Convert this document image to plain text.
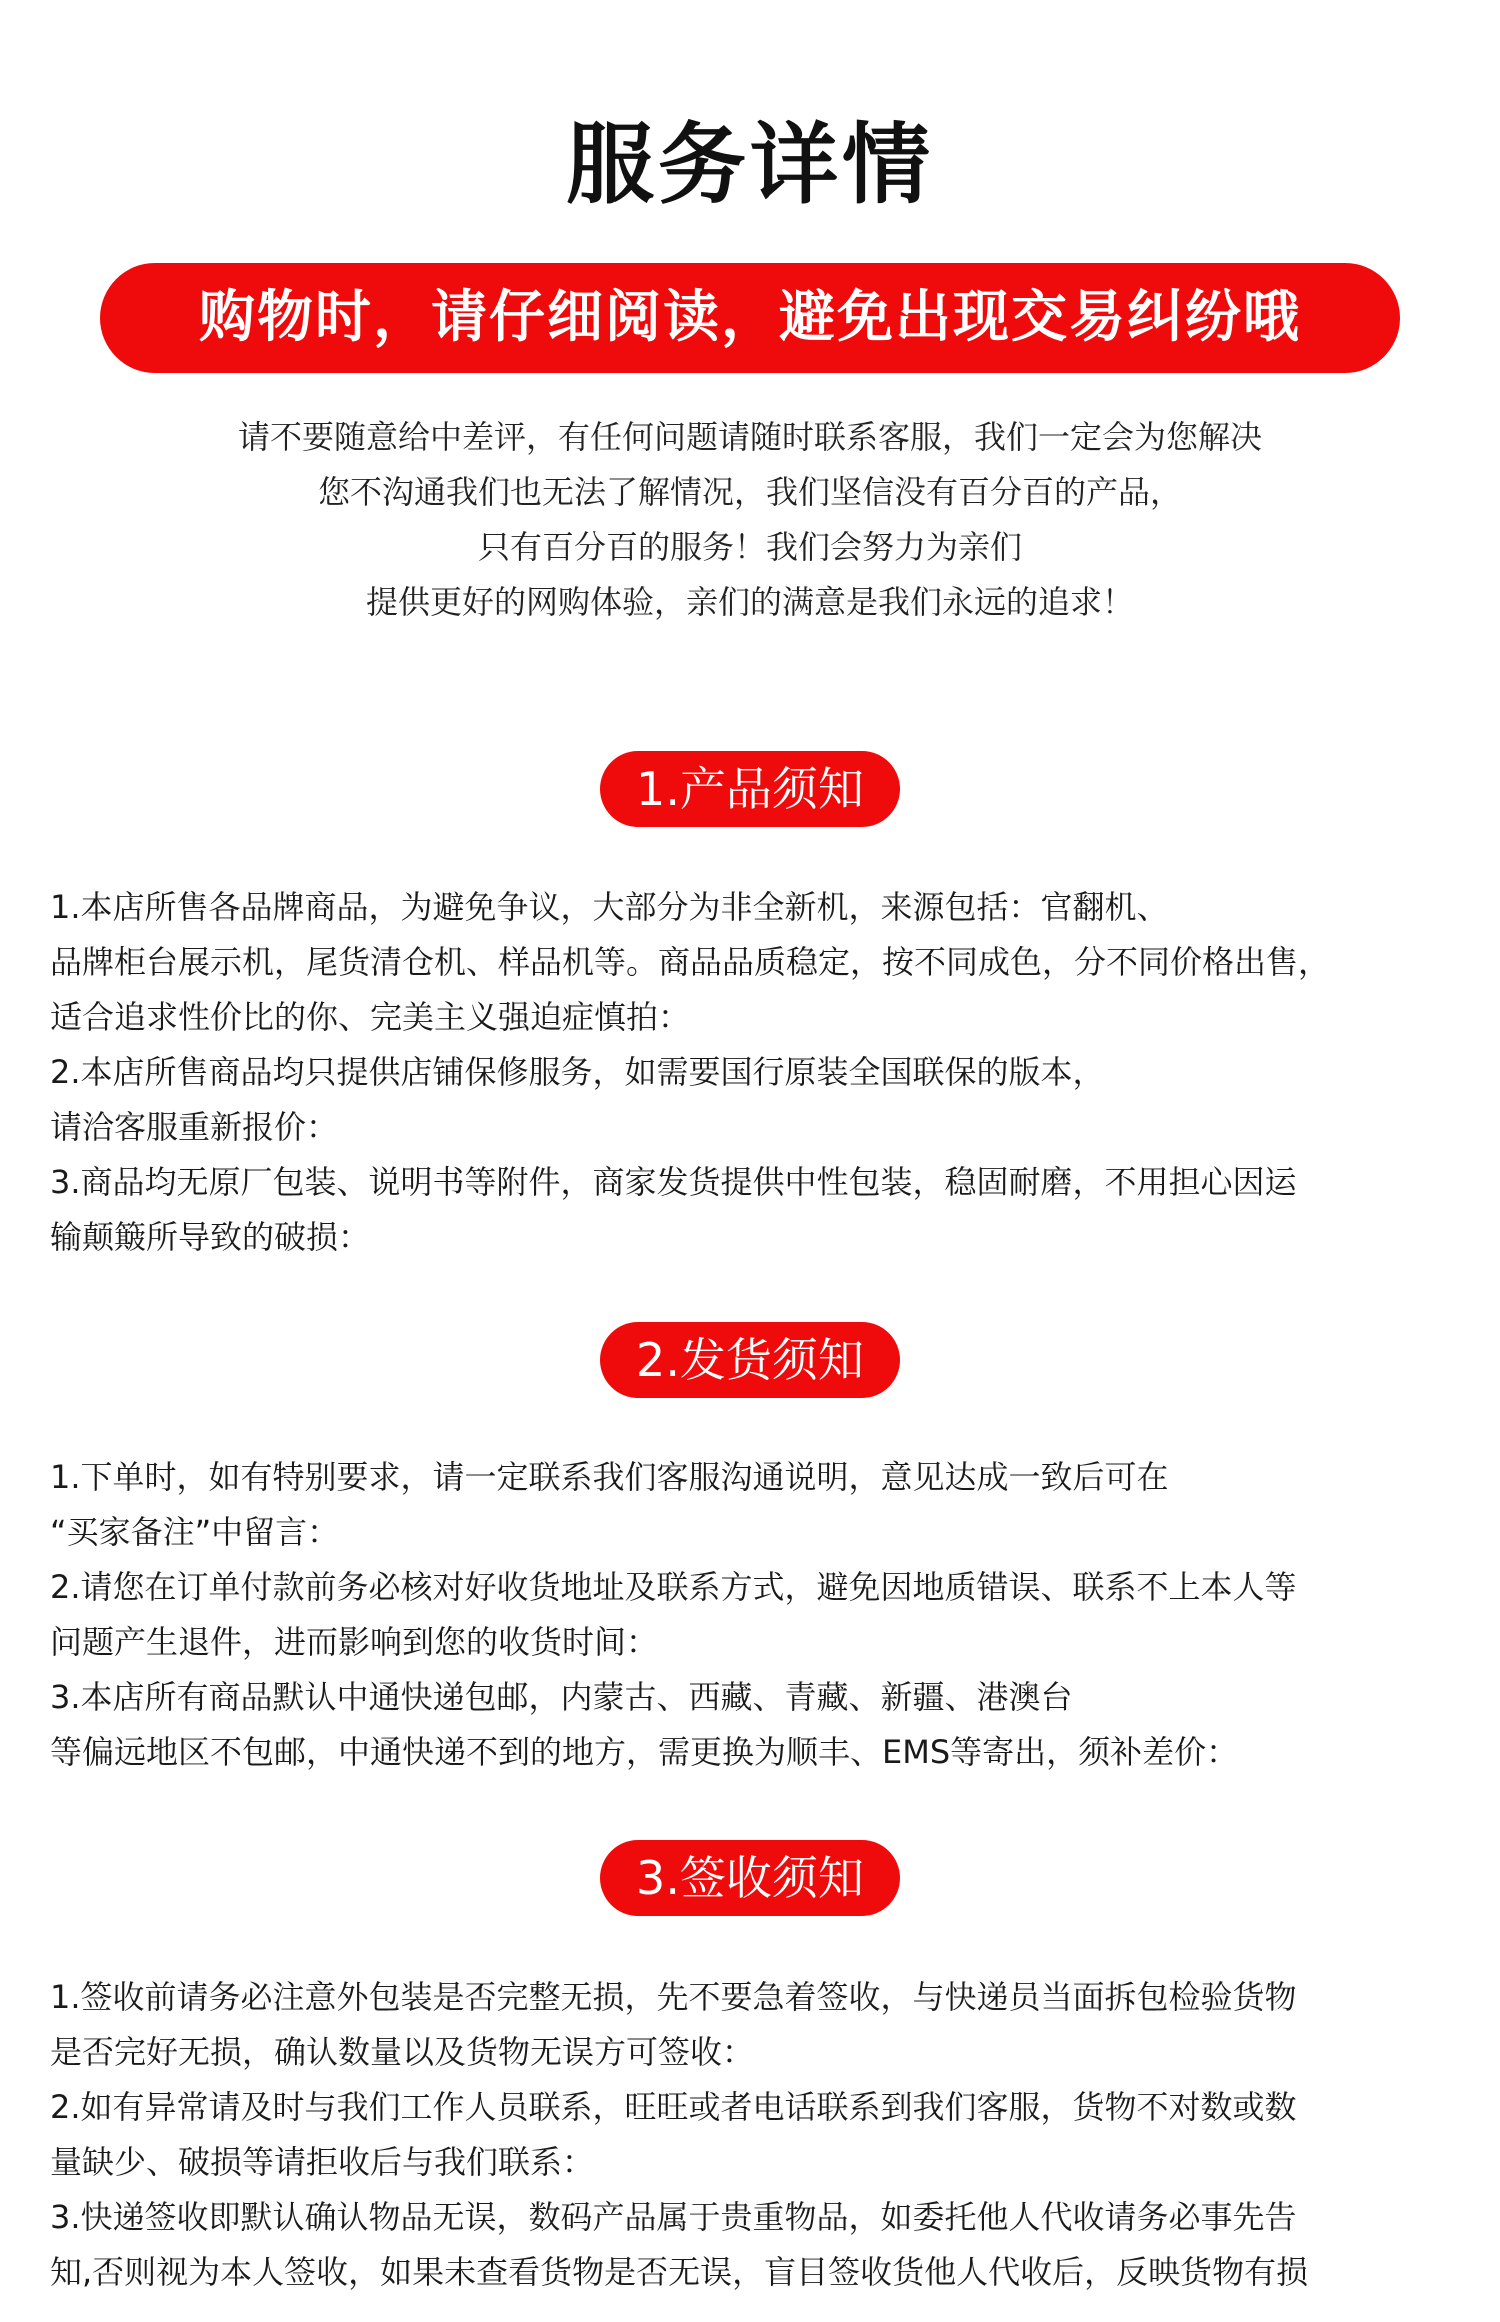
服务详情
购物时，请仔细阅读，避免出现交易纠纷哦
请不要随意给中差评，有任何问题请随时联系客服，我们一定会为您解决
您不沟通我们也无法了解情况，我们坚信没有百分百的产品，
只有百分百的服务！我们会努力为亲们
提供更好的网购体验，亲们的满意是我们永远的追求！
1.产品须知
1.本店所售各品牌商品，为避免争议，大部分为非全新机，来源包括：官翻机、
品牌柜台展示机，尾货清仓机、样品机等。商品品质稳定，按不同成色，分不同价格出售，
适合追求性价比的你、完美主义强迫症慎拍：
2.本店所售商品均只提供店铺保修服务，如需要国行原装全国联保的版本，
请洽客服重新报价：
3.商品均无原厂包装、说明书等附件，商家发货提供中性包装，稳固耐磨，不用担心因运
输颠簸所导致的破损：
2.发货须知
1.下单时，如有特别要求，请一定联系我们客服沟通说明，意见达成一致后可在
“买家备注”中留言：
2.请您在订单付款前务必核对好收货地址及联系方式，避免因地质错误、联系不上本人等
问题产生退件，进而影响到您的收货时间：
3.本店所有商品默认中通快递包邮，内蒙古、西藏、青藏、新疆、港澳台
等偏远地区不包邮，中通快递不到的地方，需更换为顺丰、EMS等寄出，须补差价：
3.签收须知
1.签收前请务必注意外包装是否完整无损，先不要急着签收，与快递员当面拆包检验货物
是否完好无损，确认数量以及货物无误方可签收：
2.如有异常请及时与我们工作人员联系，旺旺或者电话联系到我们客服，货物不对数或数
量缺少、破损等请拒收后与我们联系：
3.快递签收即默认确认物品无误，数码产品属于贵重物品，如委托他人代收请务必事先告
知,否则视为本人签收，如果未查看货物是否无误，盲目签收货他人代收后，反映货物有损
